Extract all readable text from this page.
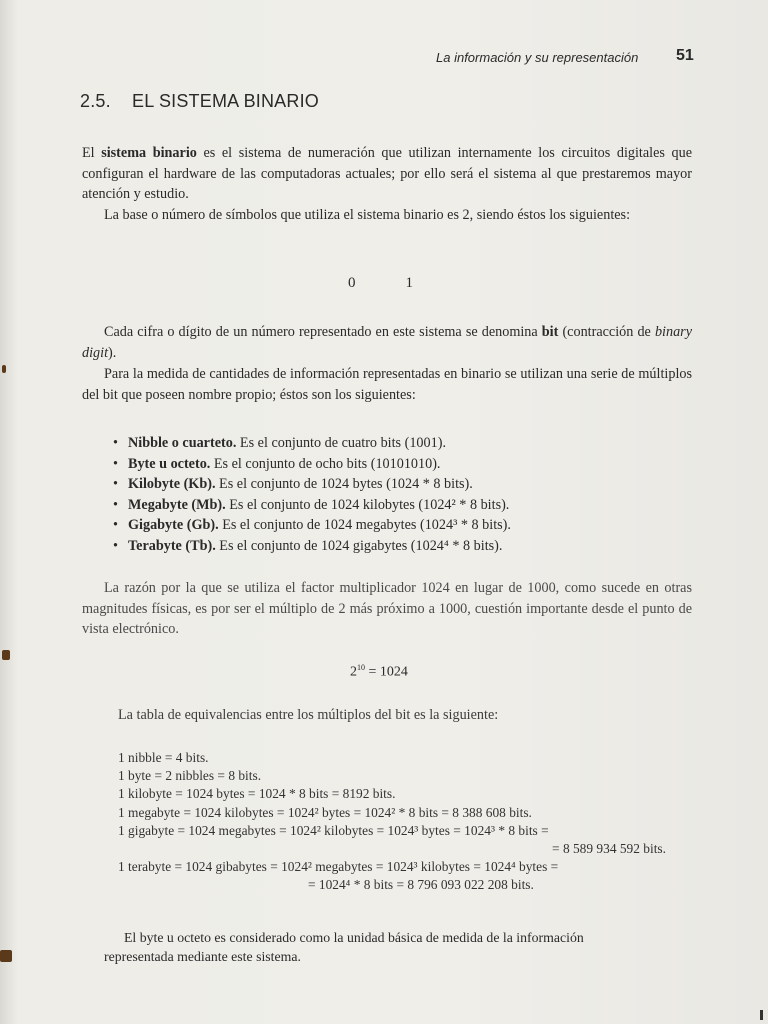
La información y su representación 51
2.5. EL SISTEMA BINARIO
El sistema binario es el sistema de numeración que utilizan internamente los circuitos digitales que configuran el hardware de las computadoras actuales; por ello será el sistema al que prestaremos mayor atención y estudio.
La base o número de símbolos que utiliza el sistema binario es 2, siendo éstos los siguientes:
0	1
Cada cifra o dígito de un número representado en este sistema se denomina bit (contracción de binary digit).
Para la medida de cantidades de información representadas en binario se utilizan una serie de múltiplos del bit que poseen nombre propio; éstos son los siguientes:
• Nibble o cuarteto. Es el conjunto de cuatro bits (1001).
• Byte u octeto. Es el conjunto de ocho bits (10101010).
• Kilobyte (Kb). Es el conjunto de 1024 bytes (1024 * 8 bits).
• Megabyte (Mb). Es el conjunto de 1024 kilobytes (1024² * 8 bits).
• Gigabyte (Gb). Es el conjunto de 1024 megabytes (1024³ * 8 bits).
• Terabyte (Tb). Es el conjunto de 1024 gigabytes (1024⁴ * 8 bits).
La razón por la que se utiliza el factor multiplicador 1024 en lugar de 1000, como sucede en otras magnitudes físicas, es por ser el múltiplo de 2 más próximo a 1000, cuestión importante desde el punto de vista electrónico.
$2^{10} = 1024$
La tabla de equivalencias entre los múltiplos del bit es la siguiente:
1 nibble = 4 bits.
1 byte = 2 nibbles = 8 bits.
1 kilobyte = 1024 bytes = 1024 * 8 bits = 8192 bits.
1 megabyte = 1024 kilobytes = 1024² bytes = 1024² * 8 bits = 8 388 608 bits.
1 gigabyte = 1024 megabytes = 1024² kilobytes = 1024³ bytes = 1024³ * 8 bits =
= 8 589 934 592 bits.
1 terabyte = 1024 gibabytes = 1024² megabytes = 1024³ kilobytes = 1024⁴ bytes =
= 1024⁴ * 8 bits = 8 796 093 022 208 bits.
El byte u octeto es considerado como la unidad básica de medida de la información
representada mediante este sistema.
